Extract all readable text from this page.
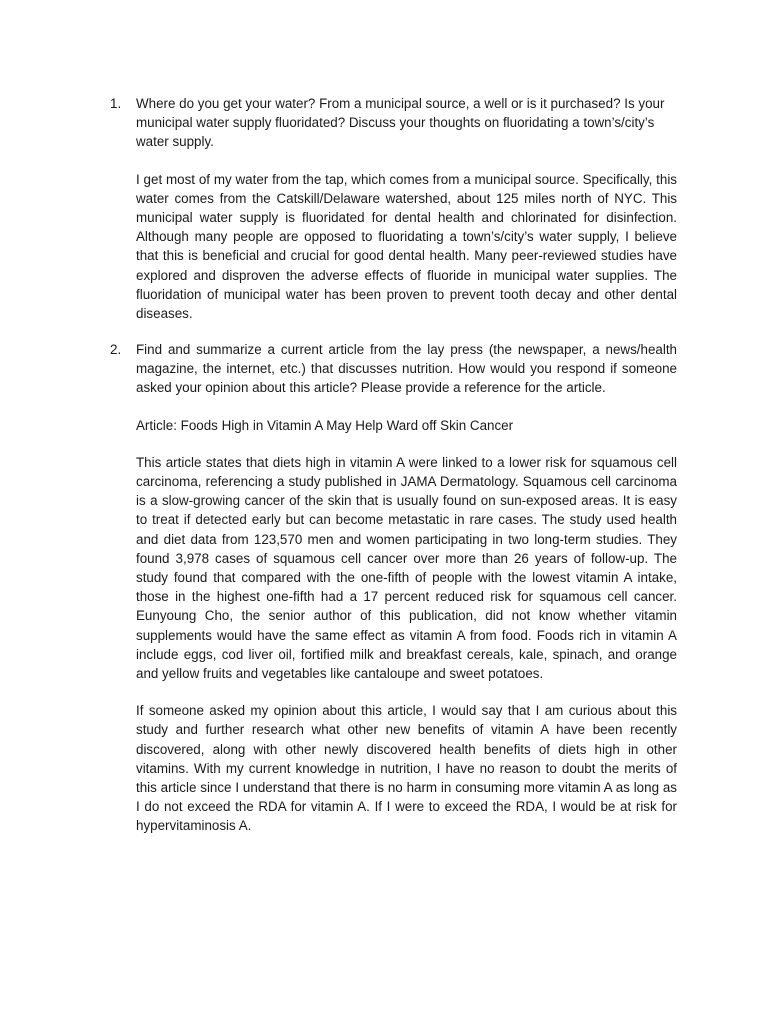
1.	Where do you get your water? From a municipal source, a well or is it purchased? Is your municipal water supply fluoridated? Discuss your thoughts on fluoridating a town’s/city’s water supply.

I get most of my water from the tap, which comes from a municipal source. Specifically, this water comes from the Catskill/Delaware watershed, about 125 miles north of NYC. This municipal water supply is fluoridated for dental health and chlorinated for disinfection. Although many people are opposed to fluoridating a town’s/city’s water supply, I believe that this is beneficial and crucial for good dental health. Many peer-reviewed studies have explored and disproven the adverse effects of fluoride in municipal water supplies. The fluoridation of municipal water has been proven to prevent tooth decay and other dental diseases.

2.	Find and summarize a current article from the lay press (the newspaper, a news/health magazine, the internet, etc.) that discusses nutrition. How would you respond if someone asked your opinion about this article? Please provide a reference for the article.

Article: Foods High in Vitamin A May Help Ward off Skin Cancer

This article states that diets high in vitamin A were linked to a lower risk for squamous cell carcinoma, referencing a study published in JAMA Dermatology. Squamous cell carcinoma is a slow-growing cancer of the skin that is usually found on sun-exposed areas. It is easy to treat if detected early but can become metastatic in rare cases. The study used health and diet data from 123,570 men and women participating in two long-term studies. They found 3,978 cases of squamous cell cancer over more than 26 years of follow-up. The study found that compared with the one-fifth of people with the lowest vitamin A intake, those in the highest one-fifth had a 17 percent reduced risk for squamous cell cancer. Eunyoung Cho, the senior author of this publication, did not know whether vitamin supplements would have the same effect as vitamin A from food. Foods rich in vitamin A include eggs, cod liver oil, fortified milk and breakfast cereals, kale, spinach, and orange and yellow fruits and vegetables like cantaloupe and sweet potatoes.

If someone asked my opinion about this article, I would say that I am curious about this study and further research what other new benefits of vitamin A have been recently discovered, along with other newly discovered health benefits of diets high in other vitamins. With my current knowledge in nutrition, I have no reason to doubt the merits of this article since I understand that there is no harm in consuming more vitamin A as long as I do not exceed the RDA for vitamin A. If I were to exceed the RDA, I would be at risk for hypervitaminosis A.
